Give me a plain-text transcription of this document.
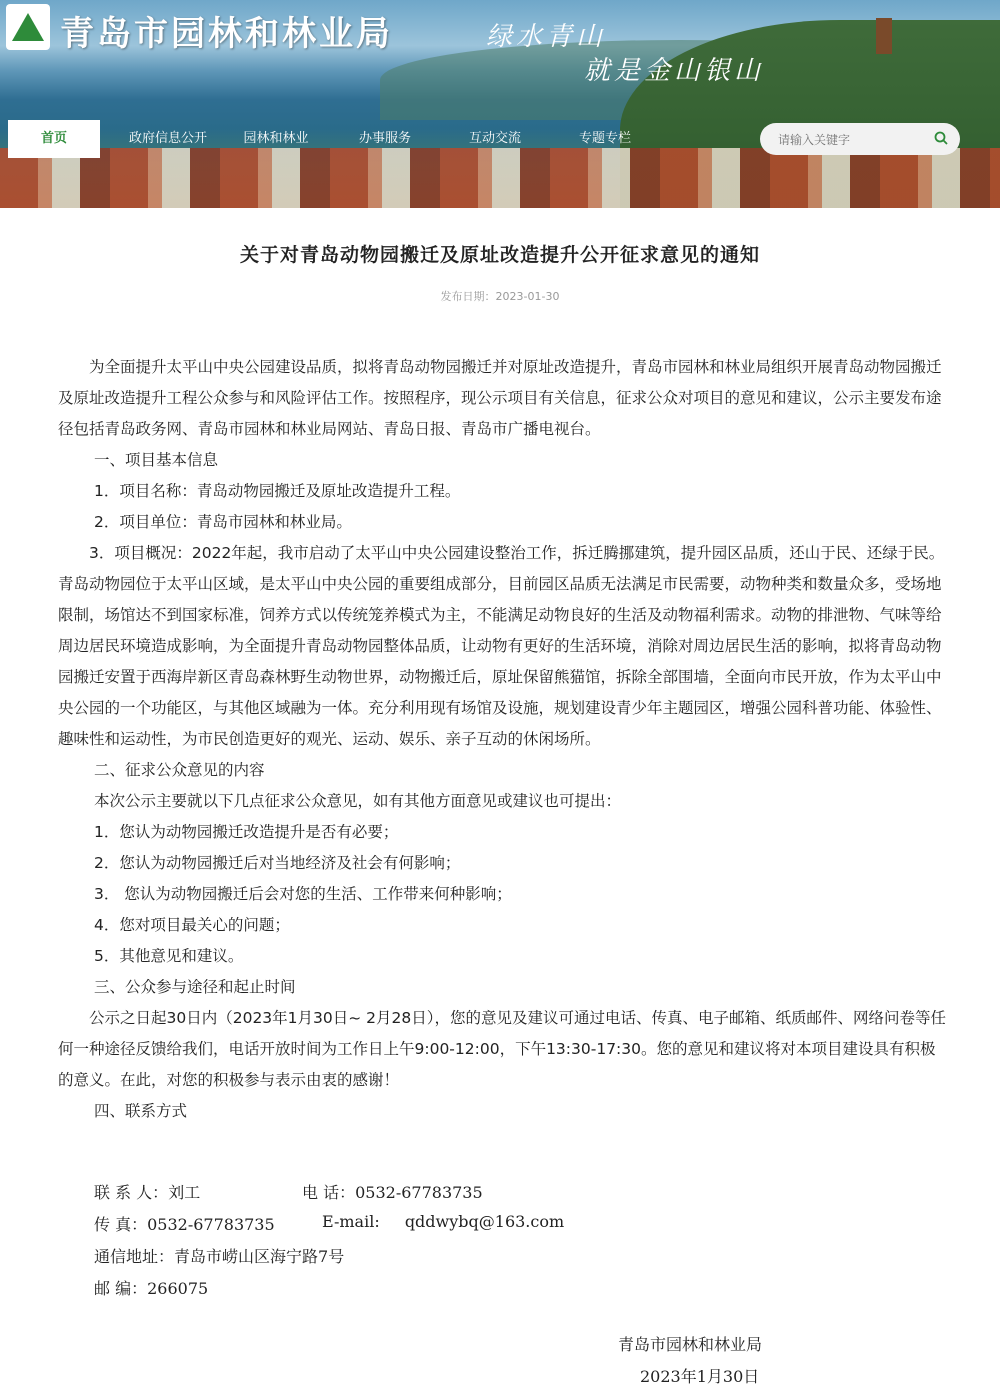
青岛市园林和林业局	绿水青山
就是金山银山
首页	政府信息公开	园林和林业	办事服务	互动交流	专题专栏
请输入关键字
关于对青岛动物园搬迁及原址改造提升公开征求意见的通知
发布日期：2023-01-30

为全面提升太平山中央公园建设品质，拟将青岛动物园搬迁并对原址改造提升，青岛市园林和林业局组织开展青岛动物园搬迁及原址改造提升工程公众参与和风险评估工作。按照程序，现公示项目有关信息，征求公众对项目的意见和建议，公示主要发布途径包括青岛政务网、青岛市园林和林业局网站、青岛日报、青岛市广播电视台。

一、项目基本信息

1．项目名称：青岛动物园搬迁及原址改造提升工程。

2．项目单位：青岛市园林和林业局。

3．项目概况：2022年起，我市启动了太平山中央公园建设整治工作，拆迁腾挪建筑，提升园区品质，还山于民、还绿于民。青岛动物园位于太平山区域，是太平山中央公园的重要组成部分，目前园区品质无法满足市民需要，动物种类和数量众多，受场地限制，场馆达不到国家标准，饲养方式以传统笼养模式为主，不能满足动物良好的生活及动物福利需求。动物的排泄物、气味等给周边居民环境造成影响，为全面提升青岛动物园整体品质，让动物有更好的生活环境，消除对周边居民生活的影响，拟将青岛动物园搬迁安置于西海岸新区青岛森林野生动物世界，动物搬迁后，原址保留熊猫馆，拆除全部围墙，全面向市民开放，作为太平山中央公园的一个功能区，与其他区域融为一体。充分利用现有场馆及设施，规划建设青少年主题园区，增强公园科普功能、体验性、趣味性和运动性，为市民创造更好的观光、运动、娱乐、亲子互动的休闲场所。

二、征求公众意见的内容

本次公示主要就以下几点征求公众意见，如有其他方面意见或建议也可提出：

1．您认为动物园搬迁改造提升是否有必要；

2．您认为动物园搬迁后对当地经济及社会有何影响；

3． 您认为动物园搬迁后会对您的生活、工作带来何种影响；

4．您对项目最关心的问题；

5．其他意见和建议。

三、公众参与途径和起止时间

公示之日起30日内（2023年1月30日~ 2月28日），您的意见及建议可通过电话、传真、电子邮箱、纸质邮件、网络问卷等任何一种途径反馈给我们，电话开放时间为工作日上午9:00-12:00，下午13:30-17:30。您的意见和建议将对本项目建设具有积极的意义。在此，对您的积极参与表示由衷的感谢！

四、联系方式

联 系 人：刘工	电 话：0532-67783735
传 真：0532-67783735	E-mail: qddwybq@163.com
通信地址：青岛市崂山区海宁路7号
邮 编：266075
青岛市园林和林业局
2023年1月30日
